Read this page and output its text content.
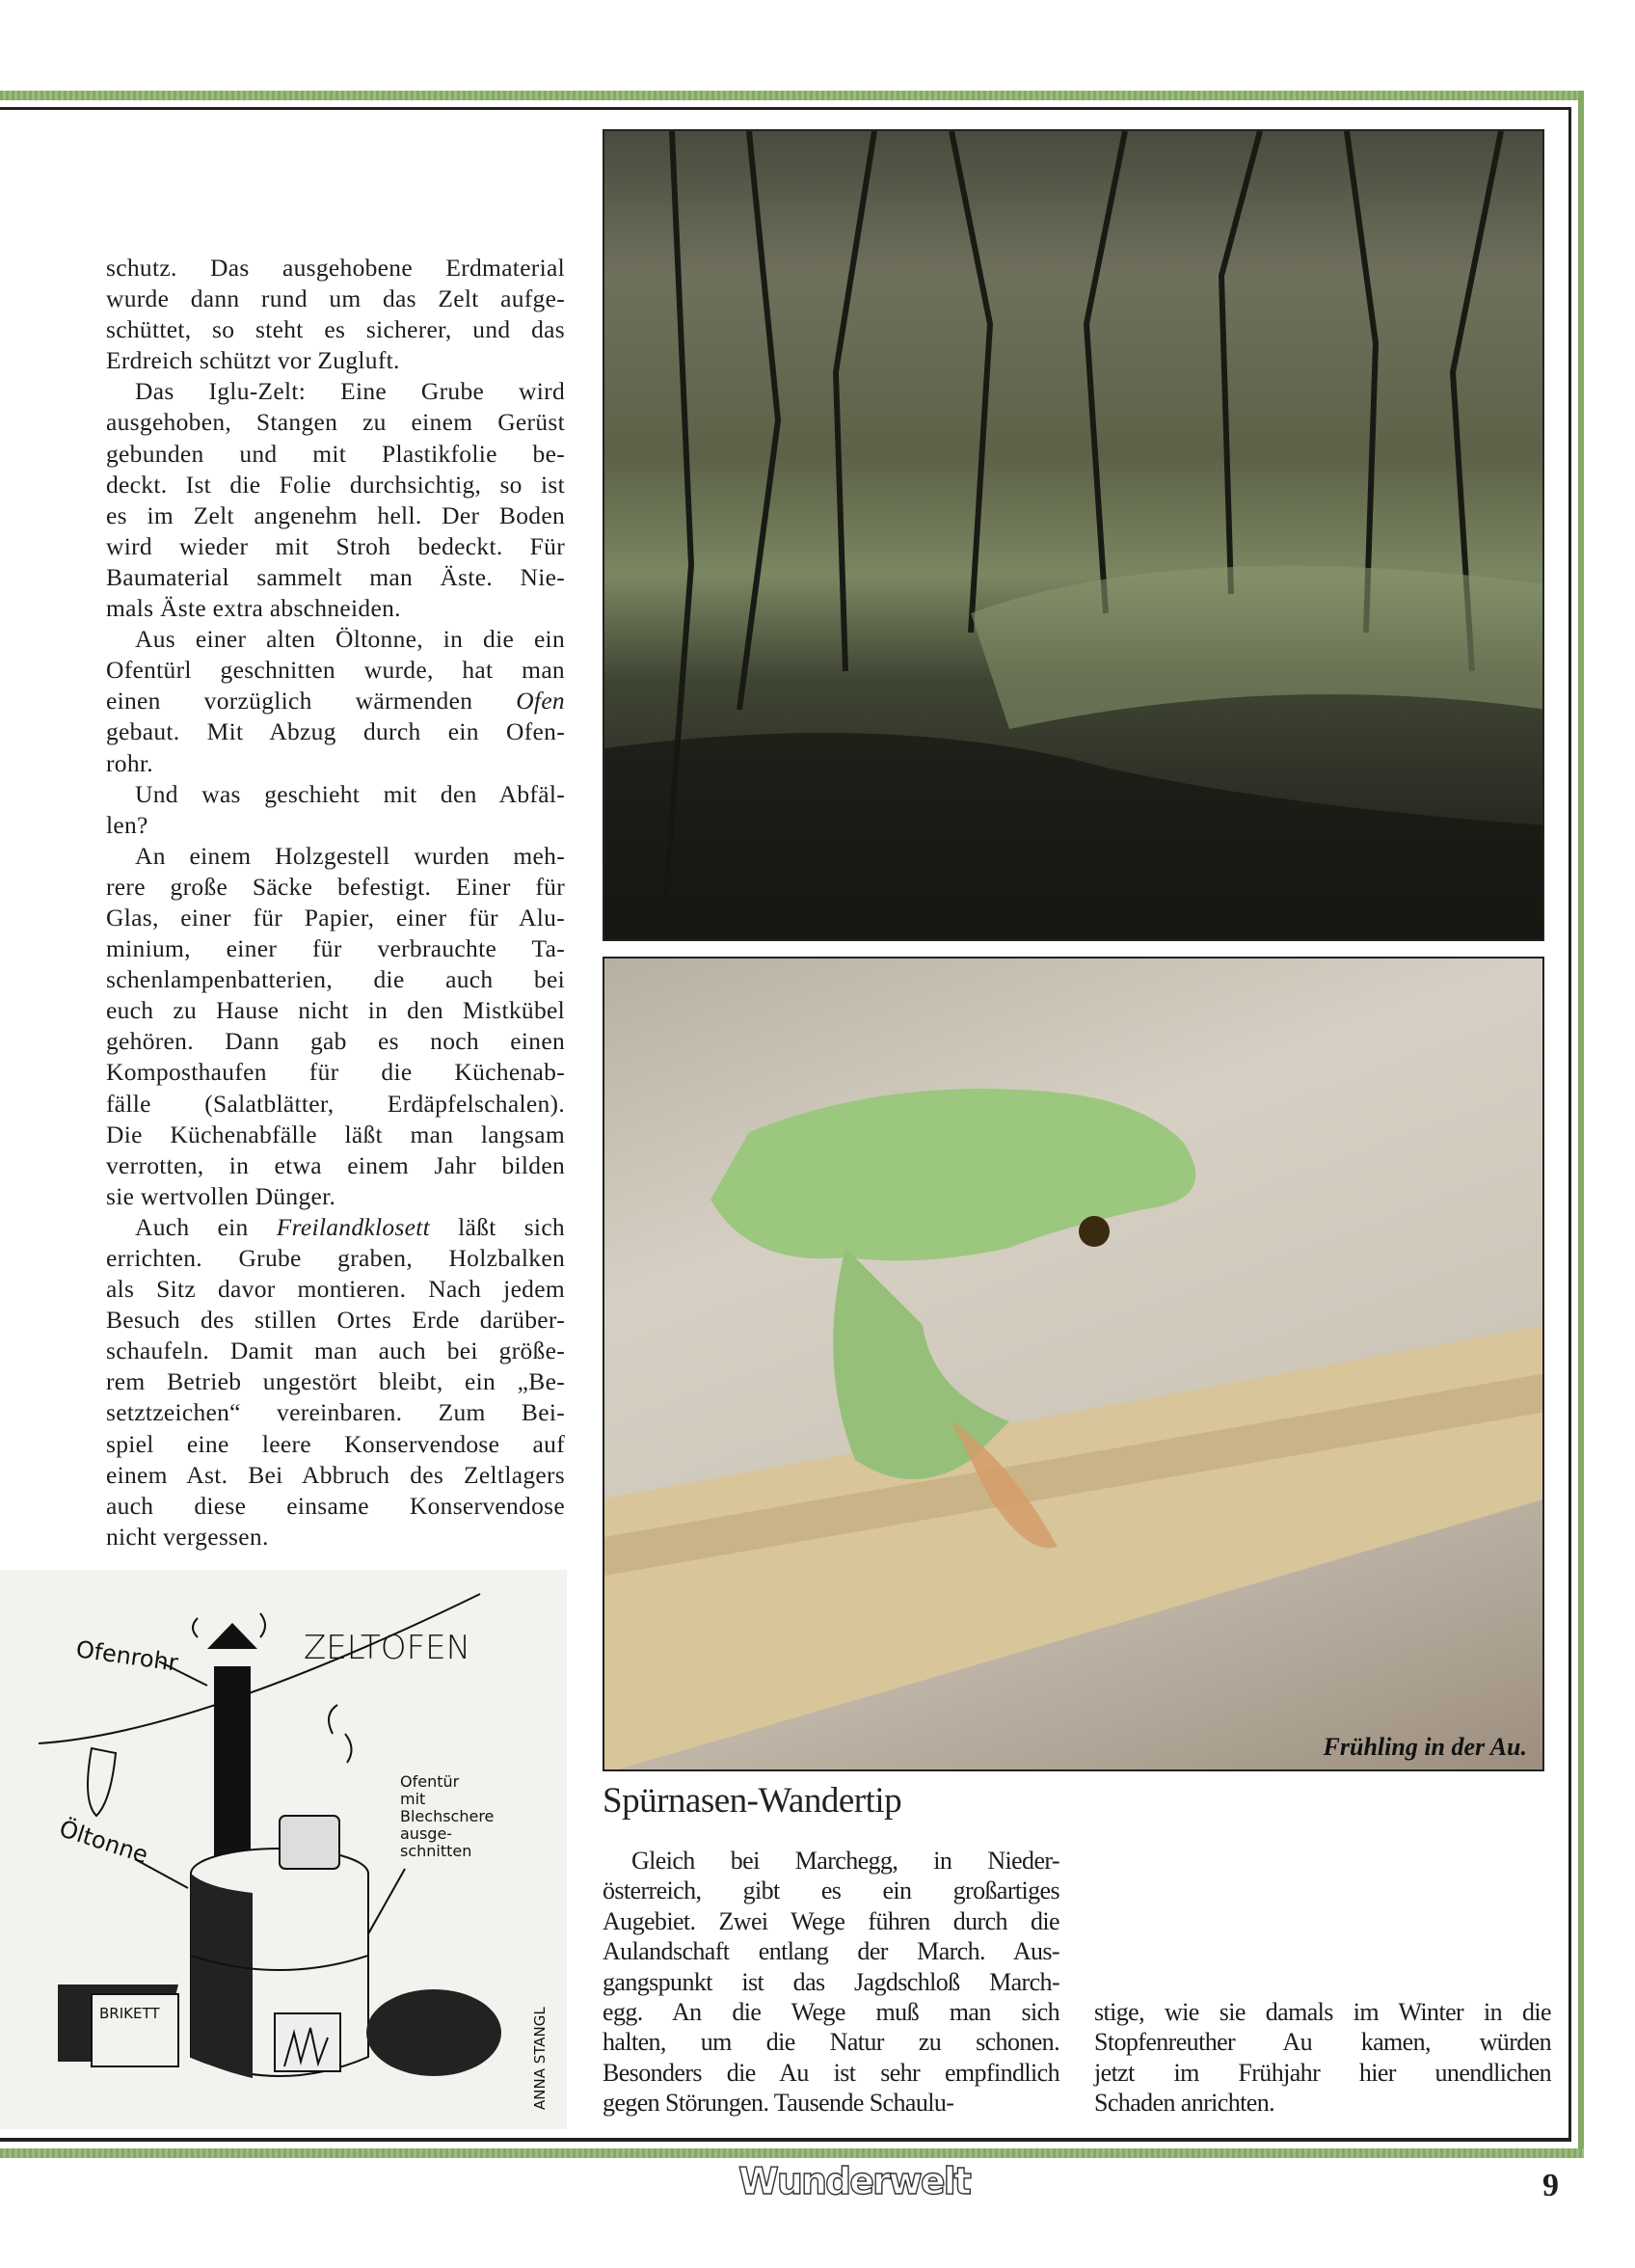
schutz. Das ausgehobene Erdmaterial
wurde dann rund um das Zelt aufge-
schüttet, so steht es sicherer, und das
Erdreich schützt vor Zugluft.
Das Iglu-Zelt: Eine Grube wird
ausgehoben, Stangen zu einem Gerüst
gebunden und mit Plastikfolie be-
deckt. Ist die Folie durchsichtig, so ist
es im Zelt angenehm hell. Der Boden
wird wieder mit Stroh bedeckt. Für
Baumaterial sammelt man Äste. Nie-
mals Äste extra abschneiden.
Aus einer alten Öltonne, in die ein
Ofentürl geschnitten wurde, hat man
einen vorzüglich wärmenden Ofen
gebaut. Mit Abzug durch ein Ofen-
rohr.
Und was geschieht mit den Abfäl-
len?
An einem Holzgestell wurden meh-
rere große Säcke befestigt. Einer für
Glas, einer für Papier, einer für Alu-
minium, einer für verbrauchte Ta-
schenlampenbatterien, die auch bei
euch zu Hause nicht in den Mistkübel
gehören. Dann gab es noch einen
Komposthaufen für die Küchenab-
fälle (Salatblätter, Erdäpfelschalen).
Die Küchenabfälle läßt man langsam
verrotten, in etwa einem Jahr bilden
sie wertvollen Dünger.
Auch ein Freilandklosett läßt sich
errichten. Grube graben, Holzbalken
als Sitz davor montieren. Nach jedem
Besuch des stillen Ortes Erde darüber-
schaufeln. Damit man auch bei größe-
rem Betrieb ungestört bleibt, ein „Be-
setztzeichen“ vereinbaren. Zum Bei-
spiel eine leere Konservendose auf
einem Ast. Bei Abbruch des Zeltlagers
auch diese einsame Konservendose
nicht vergessen.
Ofenrohr	ZELTOFEN
Öltonne
Ofentür
mit
Blechschere
ausge-
schnitten
BRIKETT	ANNA STANGL
Frühling in der Au.
Spürnasen-Wandertip
Gleich bei Marchegg, in Nieder-
österreich, gibt es ein großartiges
Augebiet. Zwei Wege führen durch die
Aulandschaft entlang der March. Aus-
gangspunkt ist das Jagdschloß March-
egg. An die Wege muß man sich
halten, um die Natur zu schonen.
Besonders die Au ist sehr empfindlich
gegen Störungen. Tausende Schaulu-
stige, wie sie damals im Winter in die
Stopfenreuther Au kamen, würden
jetzt im Frühjahr hier unendlichen
Schaden anrichten.
Wunderwelt	9
